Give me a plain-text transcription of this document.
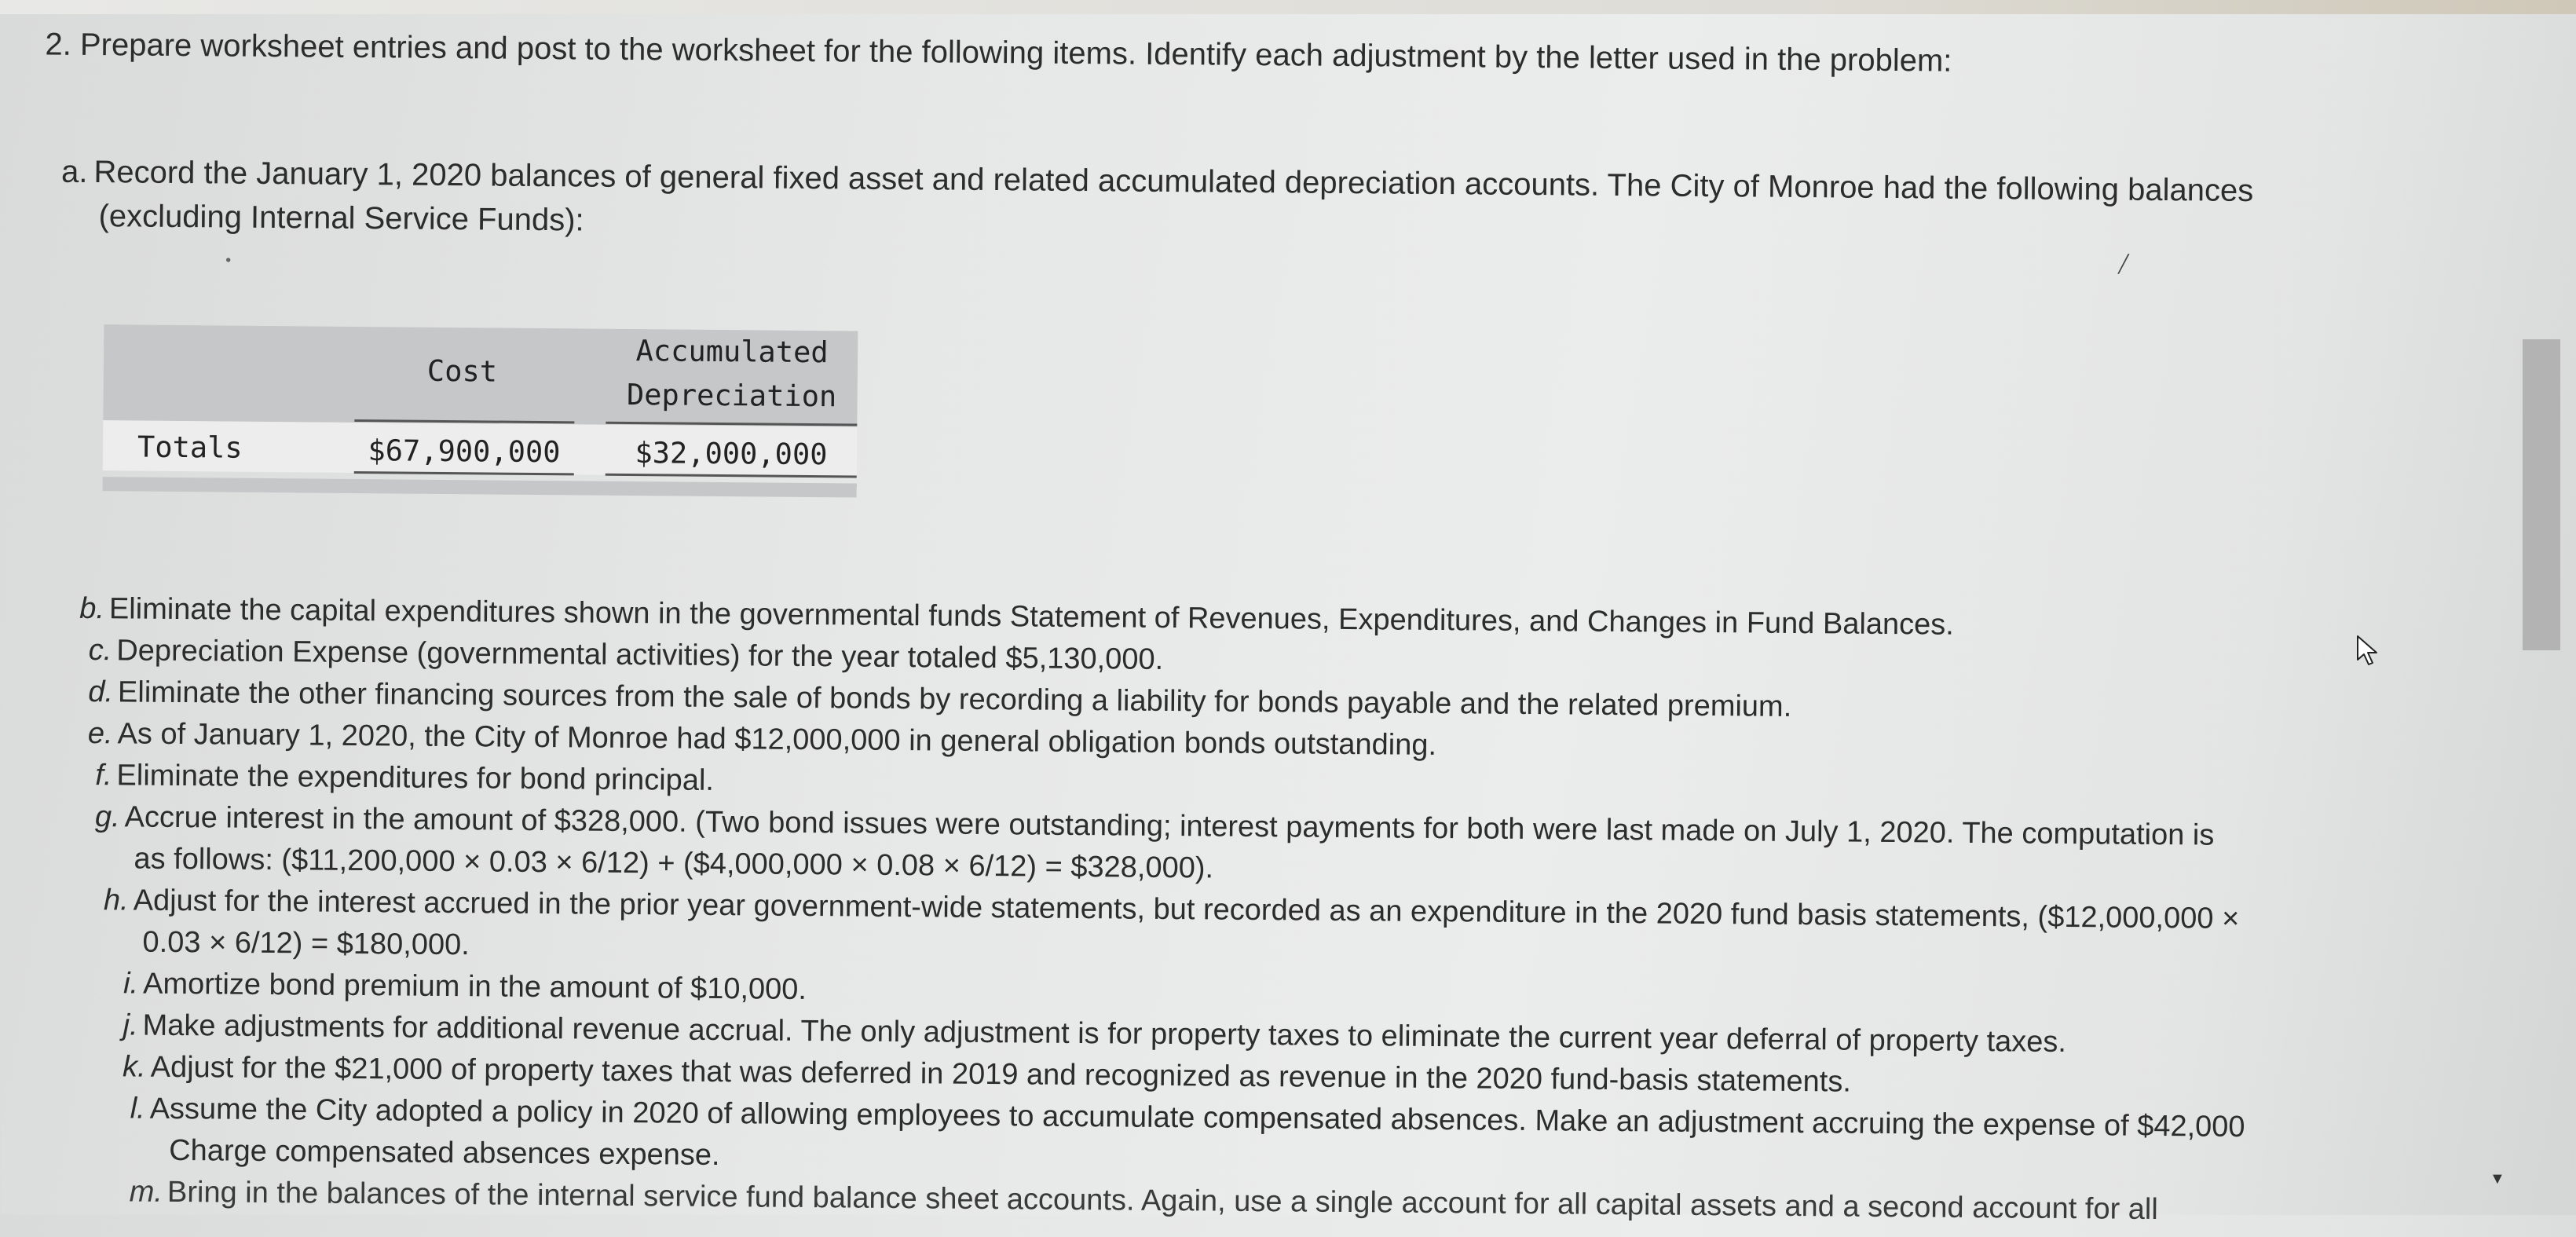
2. Prepare worksheet entries and post to the worksheet for the following items. Identify each adjustment by the letter used in the problem:
a. Record the January 1, 2020 balances of general fixed asset and related accumulated depreciation accounts. The City of Monroe had the following balances
(excluding Internal Service Funds):
•	╱
Cost
Accumulated
Depreciation
Totals	$67,900,000	$32,000,000
b. Eliminate the capital expenditures shown in the governmental funds Statement of Revenues, Expenditures, and Changes in Fund Balances.
c. Depreciation Expense (governmental activities) for the year totaled $5,130,000.
d. Eliminate the other financing sources from the sale of bonds by recording a liability for bonds payable and the related premium.
e. As of January 1, 2020, the City of Monroe had $12,000,000 in general obligation bonds outstanding.
f. Eliminate the expenditures for bond principal.
g. Accrue interest in the amount of $328,000. (Two bond issues were outstanding; interest payments for both were last made on July 1, 2020. The computation is
as follows: ($11,200,000 × 0.03 × 6/12) + ($4,000,000 × 0.08 × 6/12) = $328,000).
h. Adjust for the interest accrued in the prior year government-wide statements, but recorded as an expenditure in the 2020 fund basis statements, ($12,000,000 ×
0.03 × 6/12) = $180,000.
i. Amortize bond premium in the amount of $10,000.
j. Make adjustments for additional revenue accrual. The only adjustment is for property taxes to eliminate the current year deferral of property taxes.
k. Adjust for the $21,000 of property taxes that was deferred in 2019 and recognized as revenue in the 2020 fund-basis statements.
l. Assume the City adopted a policy in 2020 of allowing employees to accumulate compensated absences. Make an adjustment accruing the expense of $42,000
Charge compensated absences expense.
m. Bring in the balances of the internal service fund balance sheet accounts. Again, use a single account for all capital assets and a second account for all	▼
